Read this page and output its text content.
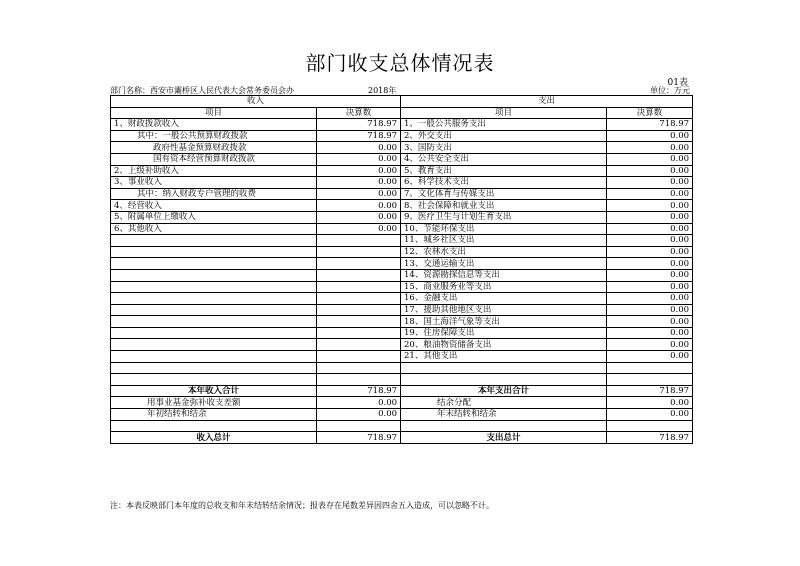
部门收支总体情况表
01表
部门名称：西安市灞桥区人民代表大会常务委员会办	2018年	单位：万元
收入		支出	
项目	决算数	项目	决算数
1、财政拨款收入	718.97	1、一般公共服务支出	718.97
其中：一般公共预算财政拨款	718.97	2、外交支出	0.00
政府性基金预算财政拨款	0.00	3、国防支出	0.00
国有资本经营预算财政拨款	0.00	4、公共安全支出	0.00
2、上级补助收入	0.00	5、教育支出	0.00
3、事业收入	0.00	6、科学技术支出	0.00
其中：纳入财政专户管理的收费	0.00	7、文化体育与传媒支出	0.00
4、经营收入	0.00	8、社会保障和就业支出	0.00
5、附属单位上缴收入	0.00	9、医疗卫生与计划生育支出	0.00
6、其他收入	0.00	10、节能环保支出	0.00
		11、城乡社区支出	0.00
		12、农林水支出	0.00
		13、交通运输支出	0.00
		14、资源勘探信息等支出	0.00
		15、商业服务业等支出	0.00
		16、金融支出	0.00
		17、援助其他地区支出	0.00
		18、国土海洋气象等支出	0.00
		19、住房保障支出	0.00
		20、粮油物资储备支出	0.00
		21、其他支出	0.00

本年收入合计	718.97	本年支出合计	718.97
用事业基金弥补收支差额	0.00	结余分配	0.00
年初结转和结余	0.00	年末结转和结余	0.00

收入总计	718.97	支出总计	718.97
注：本表反映部门本年度的总收支和年末结转结余情况；报表存在尾数差异因四舍五入造成，可以忽略不计。
